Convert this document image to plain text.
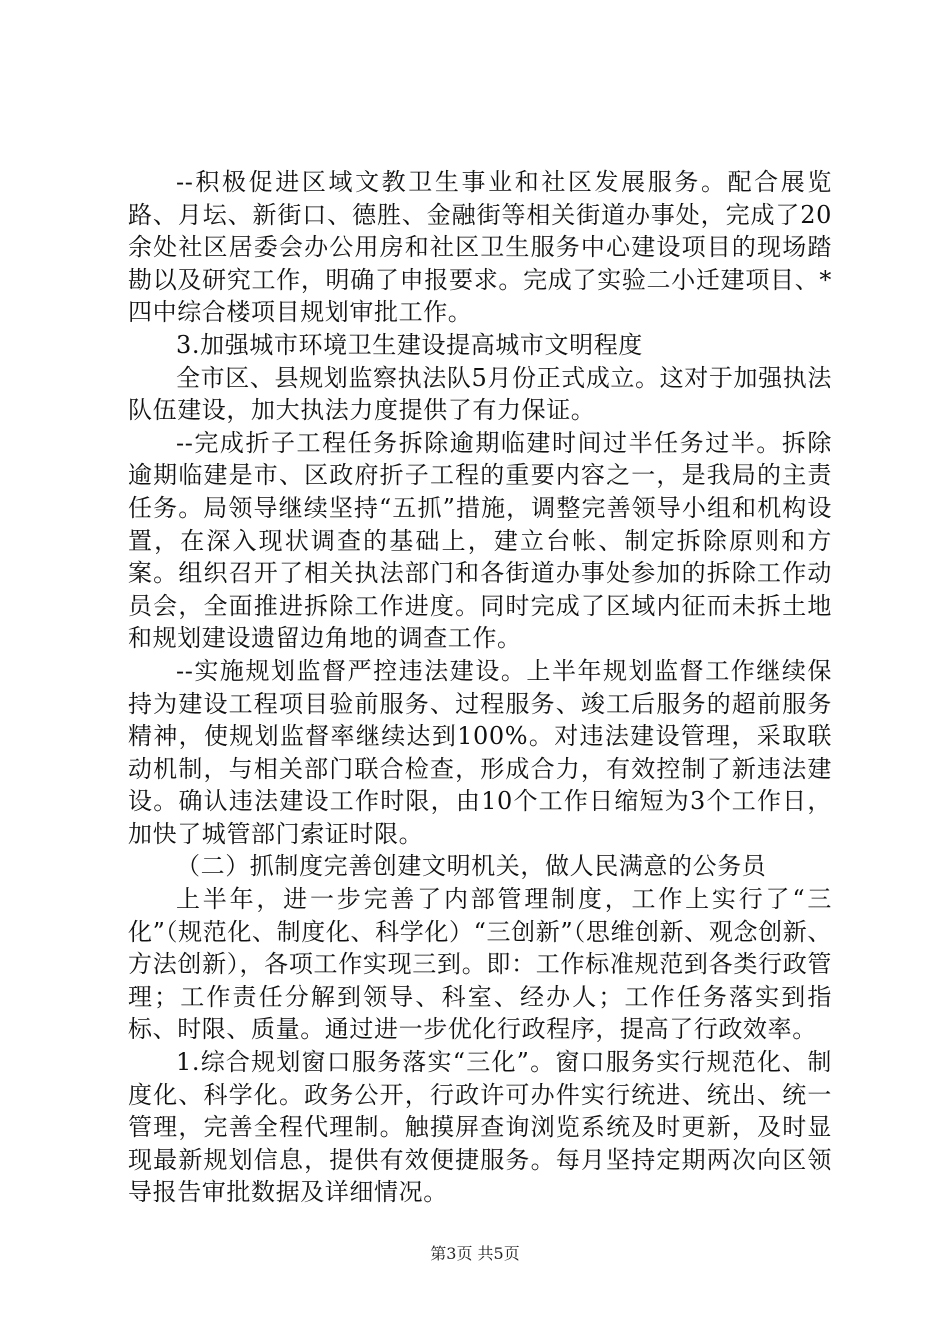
--积极促进区域文教卫生事业和社区发展服务。配合展览路、月坛、新街口、德胜、金融街等相关街道办事处，完成了20余处社区居委会办公用房和社区卫生服务中心建设项目的现场踏勘以及研究工作，明确了申报要求。完成了实验二小迁建项目、*四中综合楼项目规划审批工作。

3.加强城市环境卫生建设提高城市文明程度

全市区、县规划监察执法队5月份正式成立。这对于加强执法队伍建设，加大执法力度提供了有力保证。

--完成折子工程任务拆除逾期临建时间过半任务过半。拆除逾期临建是市、区政府折子工程的重要内容之一，是我局的主责任务。局领导继续坚持“五抓”措施，调整完善领导小组和机构设置，在深入现状调查的基础上，建立台帐、制定拆除原则和方案。组织召开了相关执法部门和各街道办事处参加的拆除工作动员会，全面推进拆除工作进度。同时完成了区域内征而未拆土地和规划建设遗留边角地的调查工作。

--实施规划监督严控违法建设。上半年规划监督工作继续保持为建设工程项目验前服务、过程服务、竣工后服务的超前服务精神，使规划监督率继续达到100%。对违法建设管理，采取联动机制，与相关部门联合检查，形成合力，有效控制了新违法建设。确认违法建设工作时限，由10个工作日缩短为3个工作日，加快了城管部门索证时限。

（二）抓制度完善创建文明机关，做人民满意的公务员

上半年，进一步完善了内部管理制度，工作上实行了“三化”（规范化、制度化、科学化）“三创新”（思维创新、观念创新、方法创新），各项工作实现三到。即：工作标准规范到各类行政管理；工作责任分解到领导、科室、经办人；工作任务落实到指标、时限、质量。通过进一步优化行政程序，提高了行政效率。

1.综合规划窗口服务落实“三化”。窗口服务实行规范化、制度化、科学化。政务公开，行政许可办件实行统进、统出、统一管理，完善全程代理制。触摸屏查询浏览系统及时更新，及时显现最新规划信息，提供有效便捷服务。每月坚持定期两次向区领导报告审批数据及详细情况。

第3页 共5页
